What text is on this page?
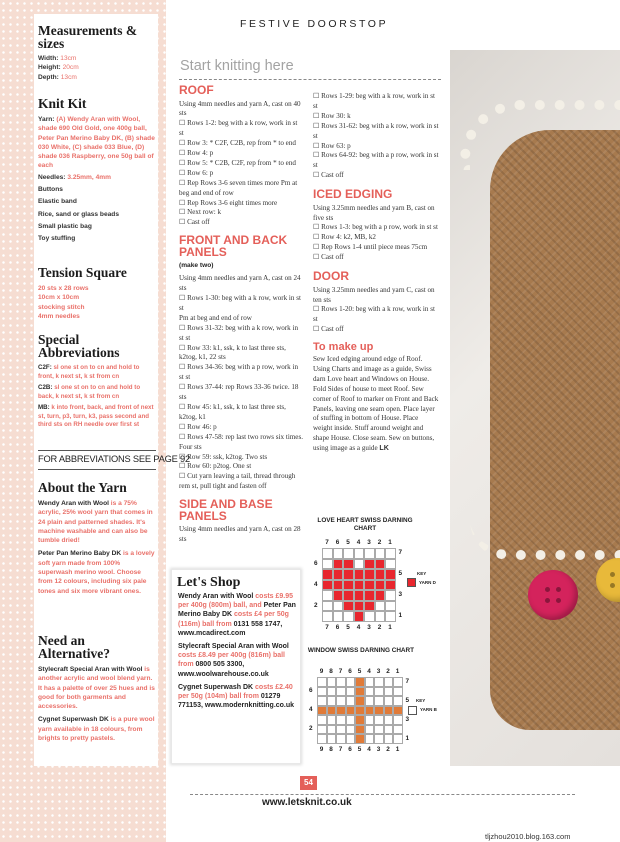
Measurements & sizes
Width: 13cm
Height: 20cm
Depth: 13cm
Knit Kit
Yarn: (A) Wendy Aran with Wool, shade 690 Old Gold, one 400g ball, Peter Pan Merino Baby DK, (B) shade 030 White, (C) shade 033 Blue, (D) shade 036 Raspberry, one 50g ball of each
Needles: 3.25mm, 4mm
Buttons
Elastic band
Rice, sand or glass beads
Small plastic bag
Toy stuffing
Tension Square
20 sts x 28 rows
10cm x 10cm
stocking stitch
4mm needles
Special Abbreviations
C2F: sl one st on to cn and hold to front, k next st, k st from cn
C2B: sl one st on to cn and hold to back, k next st, k st from cn
MB: k into front, back, and front of next st, turn, p3, turn, k3, pass second and third sts on RH needle over first st
FOR ABBREVIATIONS SEE PAGE 92
About the Yarn
Wendy Aran with Wool is a 75% acrylic, 25% wool yarn that comes in 24 plain and patterned shades. It's machine washable and can also be tumble dried!
Peter Pan Merino Baby DK is a lovely soft yarn made from 100% superwash merino wool. Choose from 12 colours, including six pale tones and six more vibrant ones.
Need an Alternative?
Stylecraft Special Aran with Wool is another acrylic and wool blend yarn. It has a palette of over 25 hues and is good for both garments and accessories.
Cygnet Superwash DK is a pure wool yarn available in 18 colours, from brights to pretty pastels.
FESTIVE DOORSTOP
Start knitting here
ROOF

Using 4mm needles and yarn A, cast on 40 sts

☐ Rows 1-2: beg with a k row, work in st st

☐ Row 3: * C2F, C2B, rep from * to end

☐ Row 4: p

☐ Row 5: * C2B, C2F, rep from * to end

☐ Row 6: p

☐ Rep Rows 3-6 seven times more Pm at beg and end of row

☐ Rep Rows 3-6 eight times more

☐ Next row: k

☐ Cast off

FRONT AND BACK PANELS
(make two)

Using 4mm needles and yarn A, cast on 24 sts

☐ Rows 1-30: beg with a k row, work in st st

Pm at beg and end of row

☐ Rows 31-32: beg with a k row, work in st st

☐ Row 33: k1, ssk, k to last three sts, k2tog, k1, 22 sts

☐ Rows 34-36: beg with a p row, work in st st

☐ Rows 37-44: rep Rows 33-36 twice. 18 sts

☐ Row 45: k1, ssk, k to last three sts, k2tog, k1

☐ Row 46: p

☐ Rows 47-58: rep last two rows six times. Four sts

☐ Row 59: ssk, k2tog. Two sts

☐ Row 60: p2tog. One st

☐ Cut yarn leaving a tail, thread through rem st, pull tight and fasten off

SIDE AND BASE PANELS

Using 4mm needles and yarn A, cast on 28 sts

☐ Rows 1-29: beg with a k row, work in st st

☐ Row 30: k

☐ Rows 31-62: beg with a k row, work in st st

☐ Row 63: p

☐ Rows 64-92: beg with a p row, work in st st

☐ Cast off

ICED EDGING

Using 3.25mm needles and yarn B, cast on five sts

☐ Rows 1-3: beg with a p row, work in st st

☐ Row 4: k2, MB, k2

☐ Rep Rows 1-4 until piece meas 75cm

☐ Cast off

DOOR

Using 3.25mm needles and yarn C, cast on ten sts

☐ Rows 1-20: beg with a k row, work in st st

☐ Cast off

To make up

Sew Iced edging around edge of Roof. Using Charts and image as a guide, Swiss darn Love heart and Windows on House. Fold Sides of house to meet Roof. Sew corner of Roof to marker on Front and Back Panels, leaving one seam open. Place layer of stuffing in bottom of House. Place weight inside. Stuff around weight and shape House. Close seam. Sew on buttons, using image as a guide LK

Let's Shop

Wendy Aran with Wool costs £9.95 per 400g (800m) ball, and Peter Pan Merino Baby DK costs £4 per 50g (116m) ball from 0131 558 1747, www.mcadirect.com

Stylecraft Special Aran with Wool costs £8.49 per 400g (816m) ball from 0800 505 3300, www.woolwarehouse.co.uk

Cygnet Superwash DK costs £2.40 per 50g (104m) ball from 01279 771153, www.modernknitting.co.uk

LOVE HEART SWISS DARNING CHART
KEY
YARN D
WINDOW SWISS DARNING CHART
KEY
YARN B
54
www.letsknit.co.uk
tljzhou2010.blog.163.com
7
7
6
6
5
5
4
4
3
3
2
2
1
1
7
6
5
4
3
2
1
9
9
8
8
7
7
6
6
5
5
4
4
3
3
2
2
1
1
7
6
5
4
3
2
1
